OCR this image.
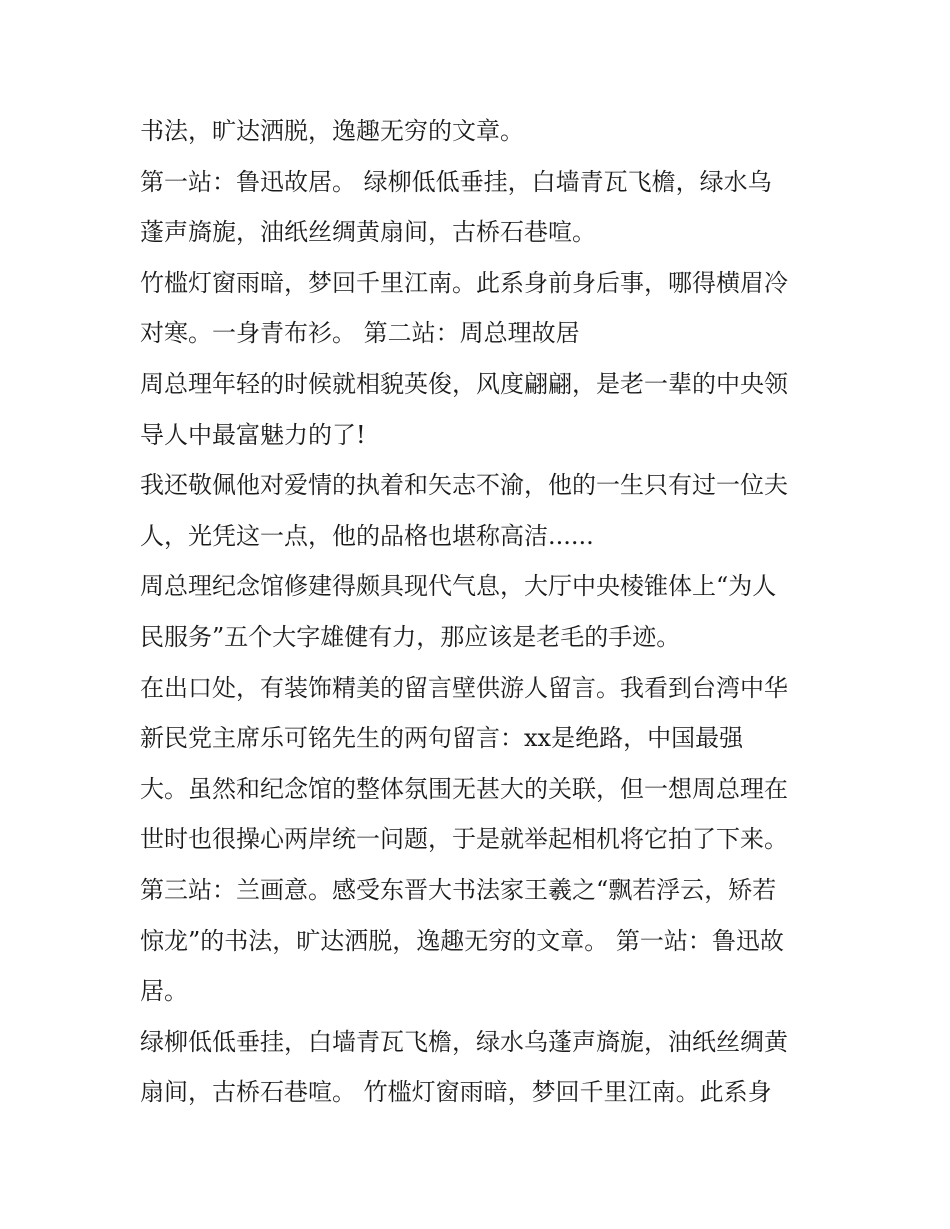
书法，旷达洒脱，逸趣无穷的文章。
第一站：鲁迅故居。 绿柳低低垂挂，白墙青瓦飞檐，绿水乌
蓬声旖旎，油纸丝绸黄扇间，古桥石巷喧。
竹槛灯窗雨暗，梦回千里江南。此系身前身后事，哪得横眉冷
对寒。一身青布衫。 第二站：周总理故居
周总理年轻的时候就相貌英俊，风度翩翩，是老一辈的中央领
导人中最富魅力的了!
我还敬佩他对爱情的执着和矢志不渝，他的一生只有过一位夫
人，光凭这一点，他的品格也堪称高洁......
周总理纪念馆修建得颇具现代气息，大厅中央棱锥体上“为人
民服务”五个大字雄健有力，那应该是老毛的手迹。
在出口处，有装饰精美的留言壁供游人留言。我看到台湾中华
新民党主席乐可铭先生的两句留言：xx是绝路，中国最强
大。虽然和纪念馆的整体氛围无甚大的关联，但一想周总理在
世时也很操心两岸统一问题，于是就举起相机将它拍了下来。
第三站：兰画意。感受东晋大书法家王羲之“飘若浮云，矫若
惊龙”的书法，旷达洒脱，逸趣无穷的文章。 第一站：鲁迅故
居。
绿柳低低垂挂，白墙青瓦飞檐，绿水乌蓬声旖旎，油纸丝绸黄
扇间，古桥石巷喧。 竹槛灯窗雨暗，梦回千里江南。此系身
